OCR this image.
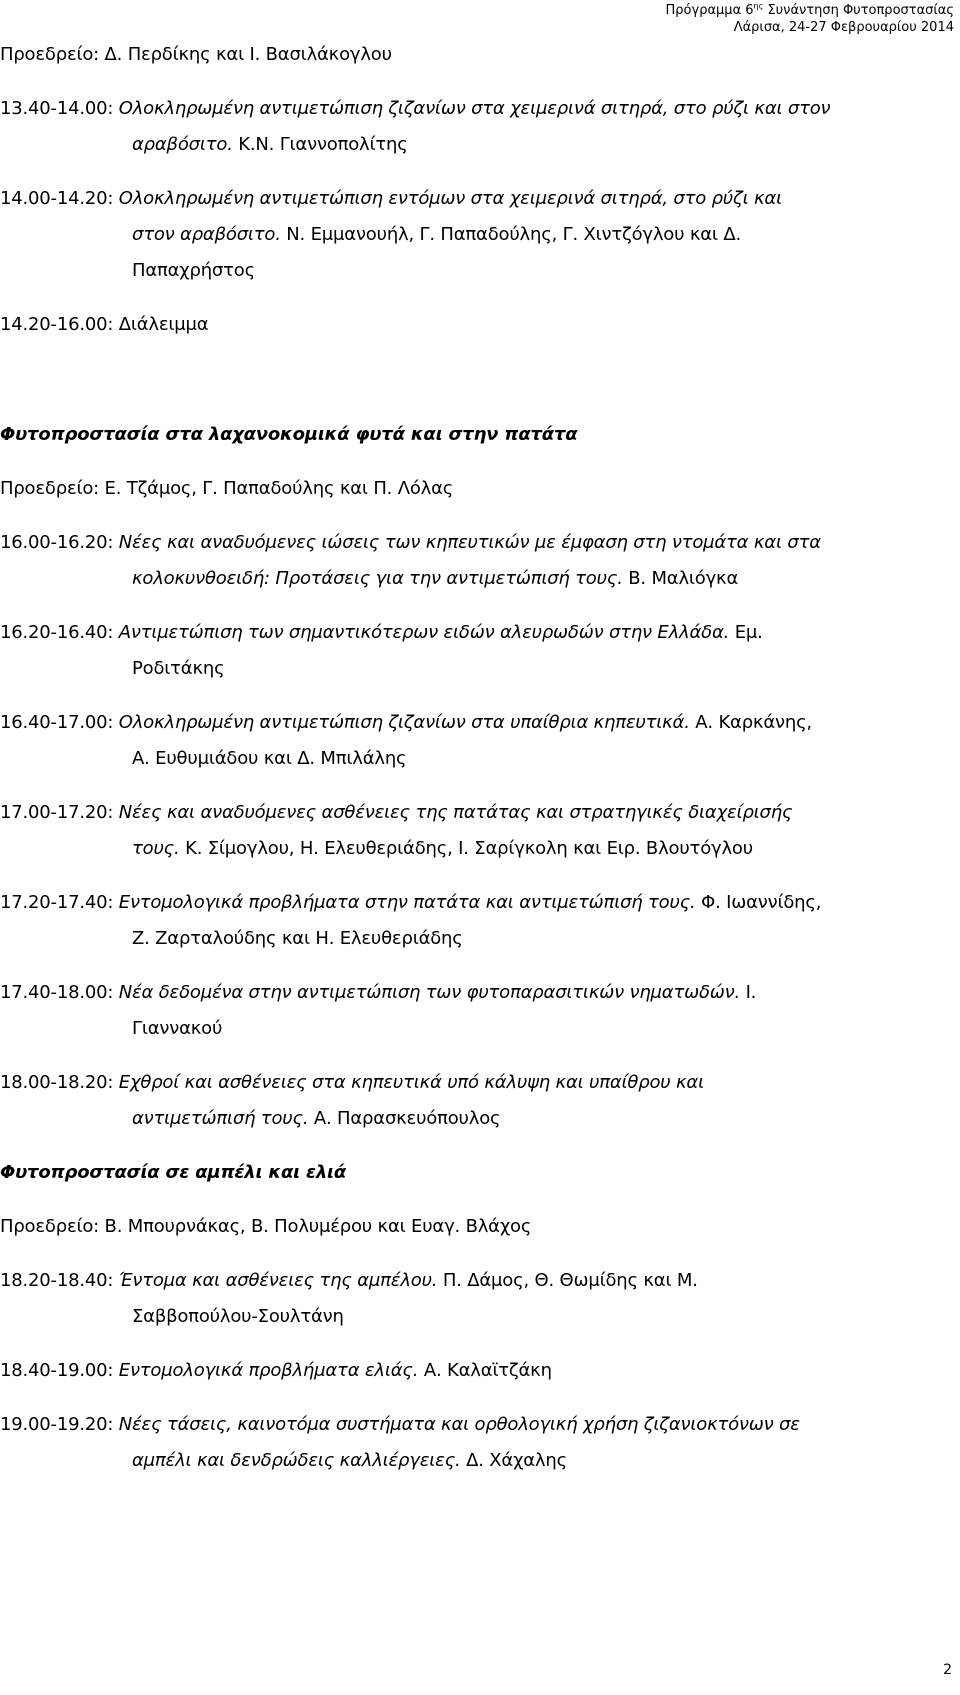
Πρόγραμμα $6^{\eta\varsigma}$ Συνάντηση Φυτοπροστασίας
Λάρισα, 24-27 Φεβρουαρίου 2014
Προεδρείο: Δ. Περδίκης και Ι. Βασιλάκογλου
13.40-14.00: Ολοκληρωμένη αντιμετώπιση ζιζανίων στα χειμερινά σιτηρά, στο ρύζι και στον
αραβόσιτο. Κ.Ν. Γιαννοπολίτης
14.00-14.20: Ολοκληρωμένη αντιμετώπιση εντόμων στα χειμερινά σιτηρά, στο ρύζι και
στον αραβόσιτο. Ν. Εμμανουήλ, Γ. Παπαδούλης, Γ. Χιντζόγλου και Δ.
Παπαχρήστος
14.20-16.00: Διάλειμμα
Φυτοπροστασία στα λαχανοκομικά φυτά και στην πατάτα
Προεδρείο: Ε. Τζάμος, Γ. Παπαδούλης και Π. Λόλας
16.00-16.20: Νέες και αναδυόμενες ιώσεις των κηπευτικών με έμφαση στη ντομάτα και στα
κολοκυνθοειδή: Προτάσεις για την αντιμετώπισή τους. Β. Μαλιόγκα
16.20-16.40: Αντιμετώπιση των σημαντικότερων ειδών αλευρωδών στην Ελλάδα. Εμ.
Ροδιτάκης
16.40-17.00: Ολοκληρωμένη αντιμετώπιση ζιζανίων στα υπαίθρια κηπευτικά. Α. Καρκάνης,
Α. Ευθυμιάδου και Δ. Μπιλάλης
17.00-17.20: Νέες και αναδυόμενες ασθένειες της πατάτας και στρατηγικές διαχείρισής
τους. Κ. Σίμογλου, Η. Ελευθεριάδης, Ι. Σαρίγκολη και Ειρ. Βλουτόγλου
17.20-17.40: Εντομολογικά προβλήματα στην πατάτα και αντιμετώπισή τους. Φ. Ιωαννίδης,
Ζ. Ζαρταλούδης και Η. Ελευθεριάδης
17.40-18.00: Νέα δεδομένα στην αντιμετώπιση των φυτοπαρασιτικών νηματωδών. Ι.
Γιαννακού
18.00-18.20: Εχθροί και ασθένειες στα κηπευτικά υπό κάλυψη και υπαίθρου και
αντιμετώπισή τους. Α. Παρασκευόπουλος
Φυτοπροστασία σε αμπέλι και ελιά
Προεδρείο: Β. Μπουρνάκας, Β. Πολυμέρου και Ευαγ. Βλάχος
18.20-18.40: Έντομα και ασθένειες της αμπέλου. Π. Δάμος, Θ. Θωμίδης και Μ.
Σαββοπούλου-Σουλτάνη
18.40-19.00: Εντομολογικά προβλήματα ελιάς. Α. Καλαϊτζάκη
19.00-19.20: Νέες τάσεις, καινοτόμα συστήματα και ορθολογική χρήση ζιζανιοκτόνων σε
αμπέλι και δενδρώδεις καλλιέργειες. Δ. Χάχαλης
2
